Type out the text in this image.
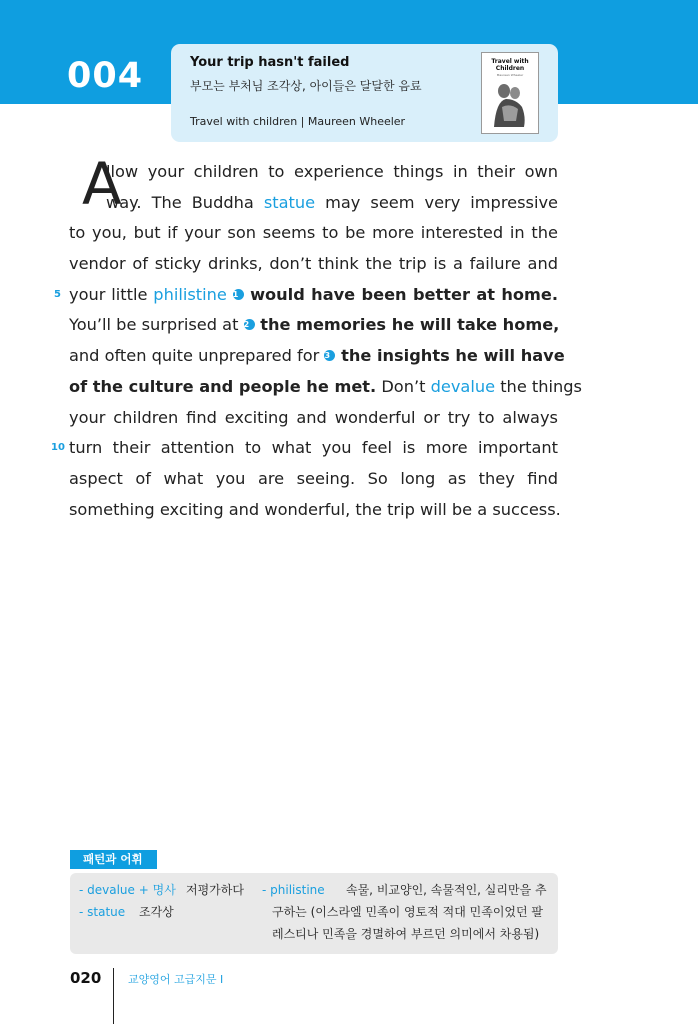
004	Your trip hasn't failed
부모는 부처님 조각상, 아이들은 달달한 음료
Travel with children | Maureen Wheeler
Travel with Children
Maureen Wheeler
A
llow your children to experience things in their own
way. The Buddha statue may seem very impressive
to you, but if your son seems to be more interested in the
vendor of sticky drinks, don’t think the trip is a failure and
your little philistine 1 would have been better at home.
You’ll be surprised at 2 the memories he will take home,
and often quite unprepared for 3 the insights he will have
of the culture and people he met. Don’t devalue the things
your children find exciting and wonderful or try to always
turn their attention to what you feel is more important
aspect of what you are seeing. So long as they find
something exciting and wonderful, the trip will be a success.
5
10
패턴과 어휘
- devalue + 명사 저평가하다
- statue 조각상
- philistine 속물, 비교양인, 속물적인, 실리만을 추
구하는 (이스라엘 민족이 영토적 적대 민족이었던 팔
레스티나 민족을 경멸하여 부르던 의미에서 차용됨)
020 교양영어 고급지문 I
